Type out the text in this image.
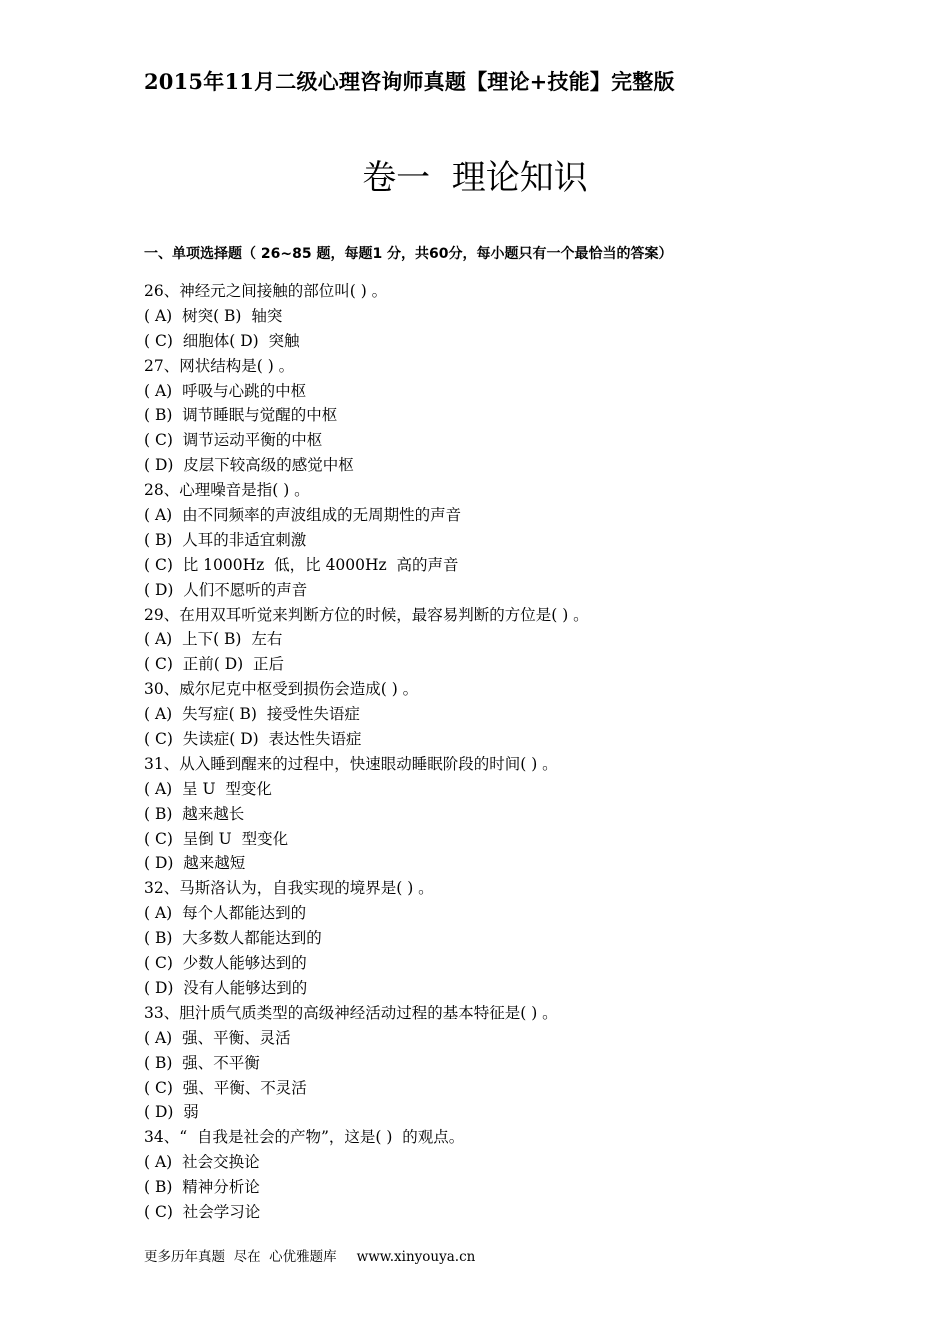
2015年11月二级心理咨询师真题【理论+技能】完整版
卷一  理论知识
一、单项选择题（ 26~85 题，每题1 分，共60分，每小题只有一个最恰当的答案）
26、神经元之间接触的部位叫( ) 。
( A)  树突( B)  轴突
( C)  细胞体( D)  突触
27、网状结构是( ) 。
( A)  呼吸与心跳的中枢
( B)  调节睡眠与觉醒的中枢
( C)  调节运动平衡的中枢
( D)  皮层下较高级的感觉中枢
28、心理噪音是指( ) 。
( A)  由不同频率的声波组成的无周期性的声音
( B)  人耳的非适宜刺激
( C)  比 1000Hz  低，比 4000Hz  高的声音
( D)  人们不愿听的声音
29、在用双耳听觉来判断方位的时候，最容易判断的方位是( ) 。
( A)  上下( B)  左右
( C)  正前( D)  正后
30、威尔尼克中枢受到损伤会造成( ) 。
( A)  失写症( B)  接受性失语症
( C)  失读症( D)  表达性失语症
31、从入睡到醒来的过程中，快速眼动睡眠阶段的时间( ) 。
( A)  呈 U  型变化
( B)  越来越长
( C)  呈倒 U  型变化
( D)  越来越短
32、马斯洛认为，自我实现的境界是( ) 。
( A)  每个人都能达到的
( B)  大多数人都能达到的
( C)  少数人能够达到的
( D)  没有人能够达到的
33、胆汁质气质类型的高级神经活动过程的基本特征是( ) 。
( A)  强、平衡、灵活
( B)  强、不平衡
( C)  强、平衡、不灵活
( D)  弱
34、“  自我是社会的产物”，这是( )  的观点。
( A)  社会交换论
( B)  精神分析论
( C)  社会学习论
更多历年真题  尽在  心优雅题库 www.xinyouya.cn
